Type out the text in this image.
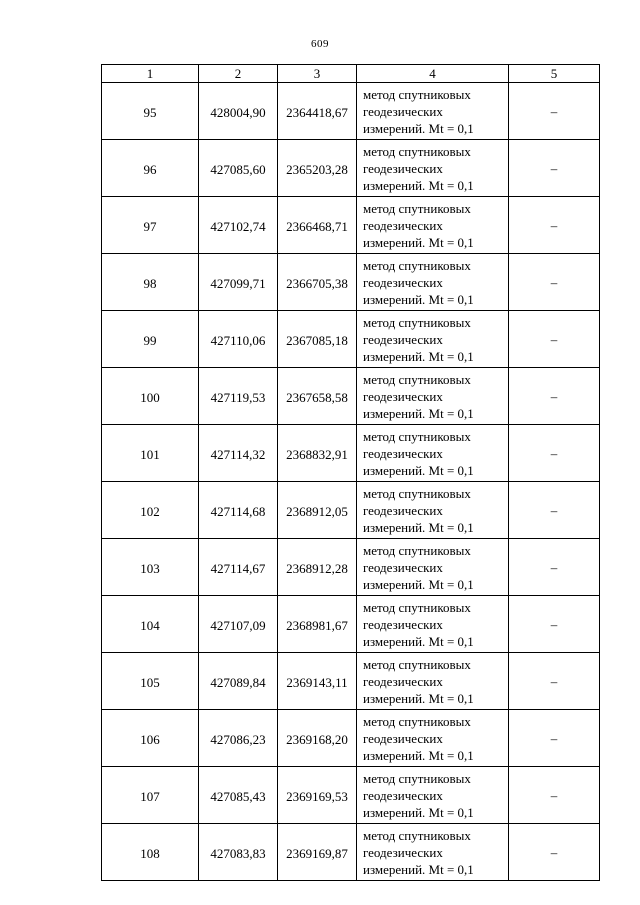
609
1	2	3	4	5
95	428004,90	2364418,67	метод спутниковых
геодезических
измерений. Mt = 0,1	–
96	427085,60	2365203,28	метод спутниковых
геодезических
измерений. Mt = 0,1	–
97	427102,74	2366468,71	метод спутниковых
геодезических
измерений. Mt = 0,1	–
98	427099,71	2366705,38	метод спутниковых
геодезических
измерений. Mt = 0,1	–
99	427110,06	2367085,18	метод спутниковых
геодезических
измерений. Mt = 0,1	–
100	427119,53	2367658,58	метод спутниковых
геодезических
измерений. Mt = 0,1	–
101	427114,32	2368832,91	метод спутниковых
геодезических
измерений. Mt = 0,1	–
102	427114,68	2368912,05	метод спутниковых
геодезических
измерений. Mt = 0,1	–
103	427114,67	2368912,28	метод спутниковых
геодезических
измерений. Mt = 0,1	–
104	427107,09	2368981,67	метод спутниковых
геодезических
измерений. Mt = 0,1	–
105	427089,84	2369143,11	метод спутниковых
геодезических
измерений. Mt = 0,1	–
106	427086,23	2369168,20	метод спутниковых
геодезических
измерений. Mt = 0,1	–
107	427085,43	2369169,53	метод спутниковых
геодезических
измерений. Mt = 0,1	–
108	427083,83	2369169,87	метод спутниковых
геодезических
измерений. Mt = 0,1	–
